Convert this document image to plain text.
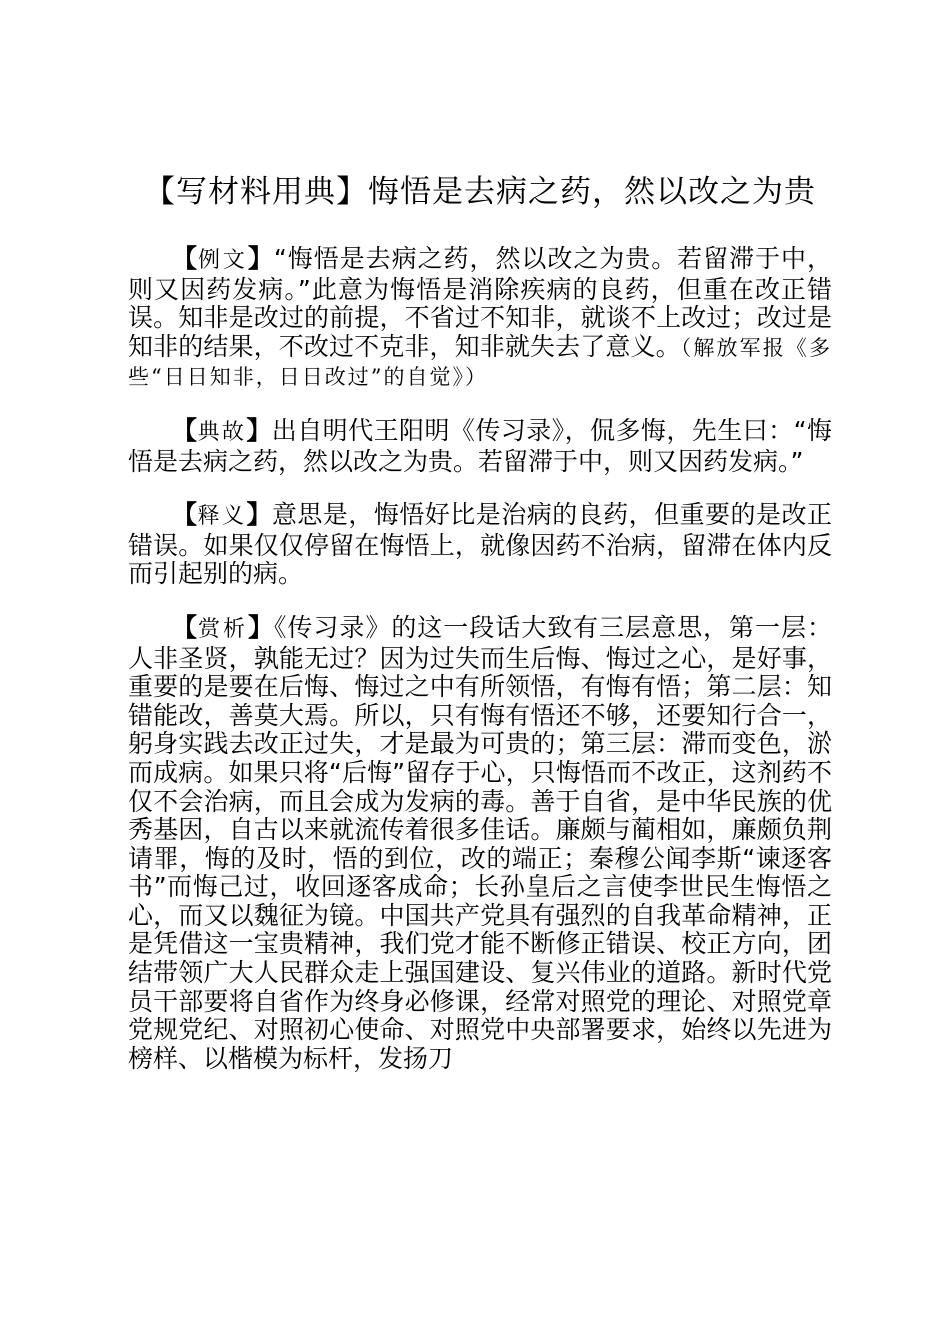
【写材料用典】悔悟是去病之药，然以改之为贵

【例文】“悔悟是去病之药，然以改之为贵。若留滞于中，则又因药发病。”此意为悔悟是消除疾病的良药，但重在改正错误。知非是改过的前提，不省过不知非，就谈不上改过；改过是知非的结果，不改过不克非，知非就失去了意义。（解放军报《多些“日日知非，日日改过”的自觉》）

【典故】出自明代王阳明《传习录》，侃多悔，先生曰：“悔悟是去病之药，然以改之为贵。若留滞于中，则又因药发病。”

【释义】意思是，悔悟好比是治病的良药，但重要的是改正错误。如果仅仅停留在悔悟上，就像因药不治病，留滞在体内反而引起别的病。

【赏析】《传习录》的这一段话大致有三层意思，第一层：人非圣贤，孰能无过？因为过失而生后悔、悔过之心，是好事，重要的是要在后悔、悔过之中有所领悟，有悔有悟；第二层：知错能改，善莫大焉。所以，只有悔有悟还不够，还要知行合一，躬身实践去改正过失，才是最为可贵的；第三层：滞而变色，淤而成病。如果只将“后悔”留存于心，只悔悟而不改正，这剂药不仅不会治病，而且会成为发病的毒。善于自省，是中华民族的优秀基因，自古以来就流传着很多佳话。廉颇与蔺相如，廉颇负荆请罪，悔的及时，悟的到位，改的端正；秦穆公闻李斯“谏逐客书”而悔己过，收回逐客成命；长孙皇后之言使李世民生悔悟之心，而又以魏征为镜。中国共产党具有强烈的自我革命精神，正是凭借这一宝贵精神，我们党才能不断修正错误、校正方向，团结带领广大人民群众走上强国建设、复兴伟业的道路。新时代党员干部要将自省作为终身必修课，经常对照党的理论、对照党章党规党纪、对照初心使命、对照党中央部署要求，始终以先进为榜样、以楷模为标杆，发扬刀
